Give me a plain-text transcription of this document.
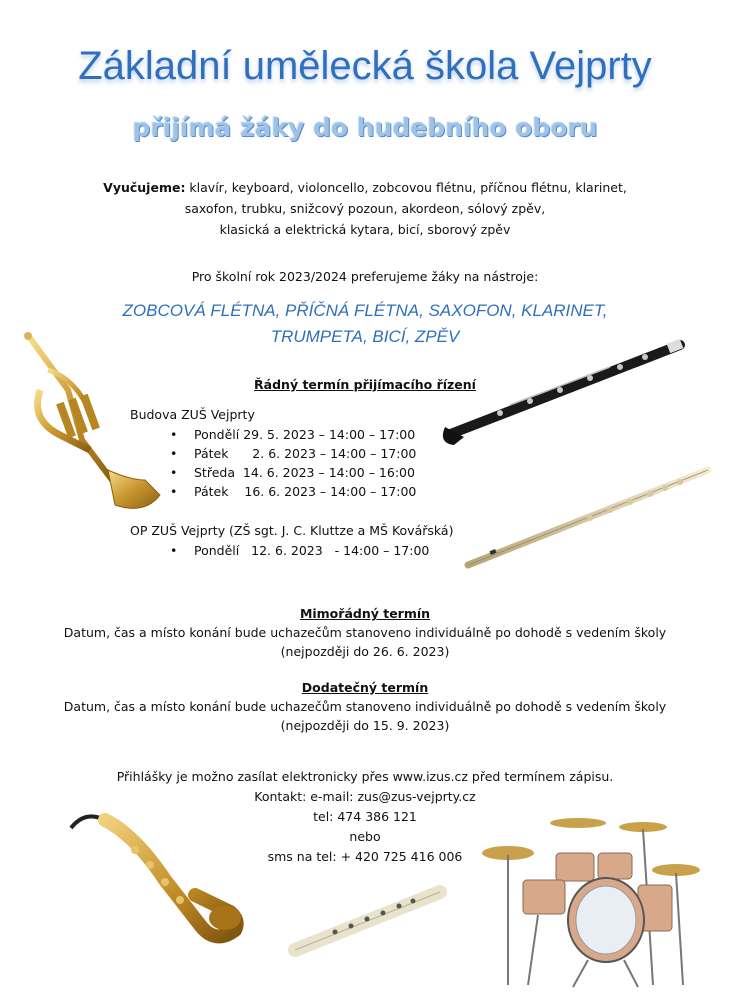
Základní umělecká škola Vejprty
přijímá žáky do hudebního oboru
Vyučujeme: klavír, keyboard, violoncello, zobcovou flétnu, příčnou flétnu, klarinet,
saxofon, trubku, snižcový pozoun, akordeon, sólový zpěv,
klasická a elektrická kytara, bicí, sborový zpěv
Pro školní rok 2023/2024 preferujeme žáky na nástroje:
ZOBCOVÁ FLÉTNA, PŘÍČNÁ FLÉTNA, SAXOFON, KLARINET,
TRUMPETA, BICÍ, ZPĚV
Řádný termín přijímacího řízení
Budova ZUŠ Vejprty
• Pondělí 29. 5. 2023 – 14:00 – 17:00
• Pátek      2. 6. 2023 – 14:00 – 17:00
• Středa  14. 6. 2023 – 14:00 – 16:00
• Pátek    16. 6. 2023 – 14:00 – 17:00
OP ZUŠ Vejprty (ZŠ sgt. J. C. Kluttze a MŠ Kovářská)
• Pondělí   12. 6. 2023   - 14:00 – 17:00
Mimořádný termín
Datum, čas a místo konání bude uchazečům stanoveno individuálně po dohodě s vedením školy
(nejpozději do 26. 6. 2023)
Dodatečný termín
Datum, čas a místo konání bude uchazečům stanoveno individuálně po dohodě s vedením školy
(nejpozději do 15. 9. 2023)
Přihlášky je možno zasílat elektronicky přes www.izus.cz před termínem zápisu.
Kontakt: e-mail: zus@zus-vejprty.cz
tel: 474 386 121
nebo
sms na tel: + 420 725 416 006
